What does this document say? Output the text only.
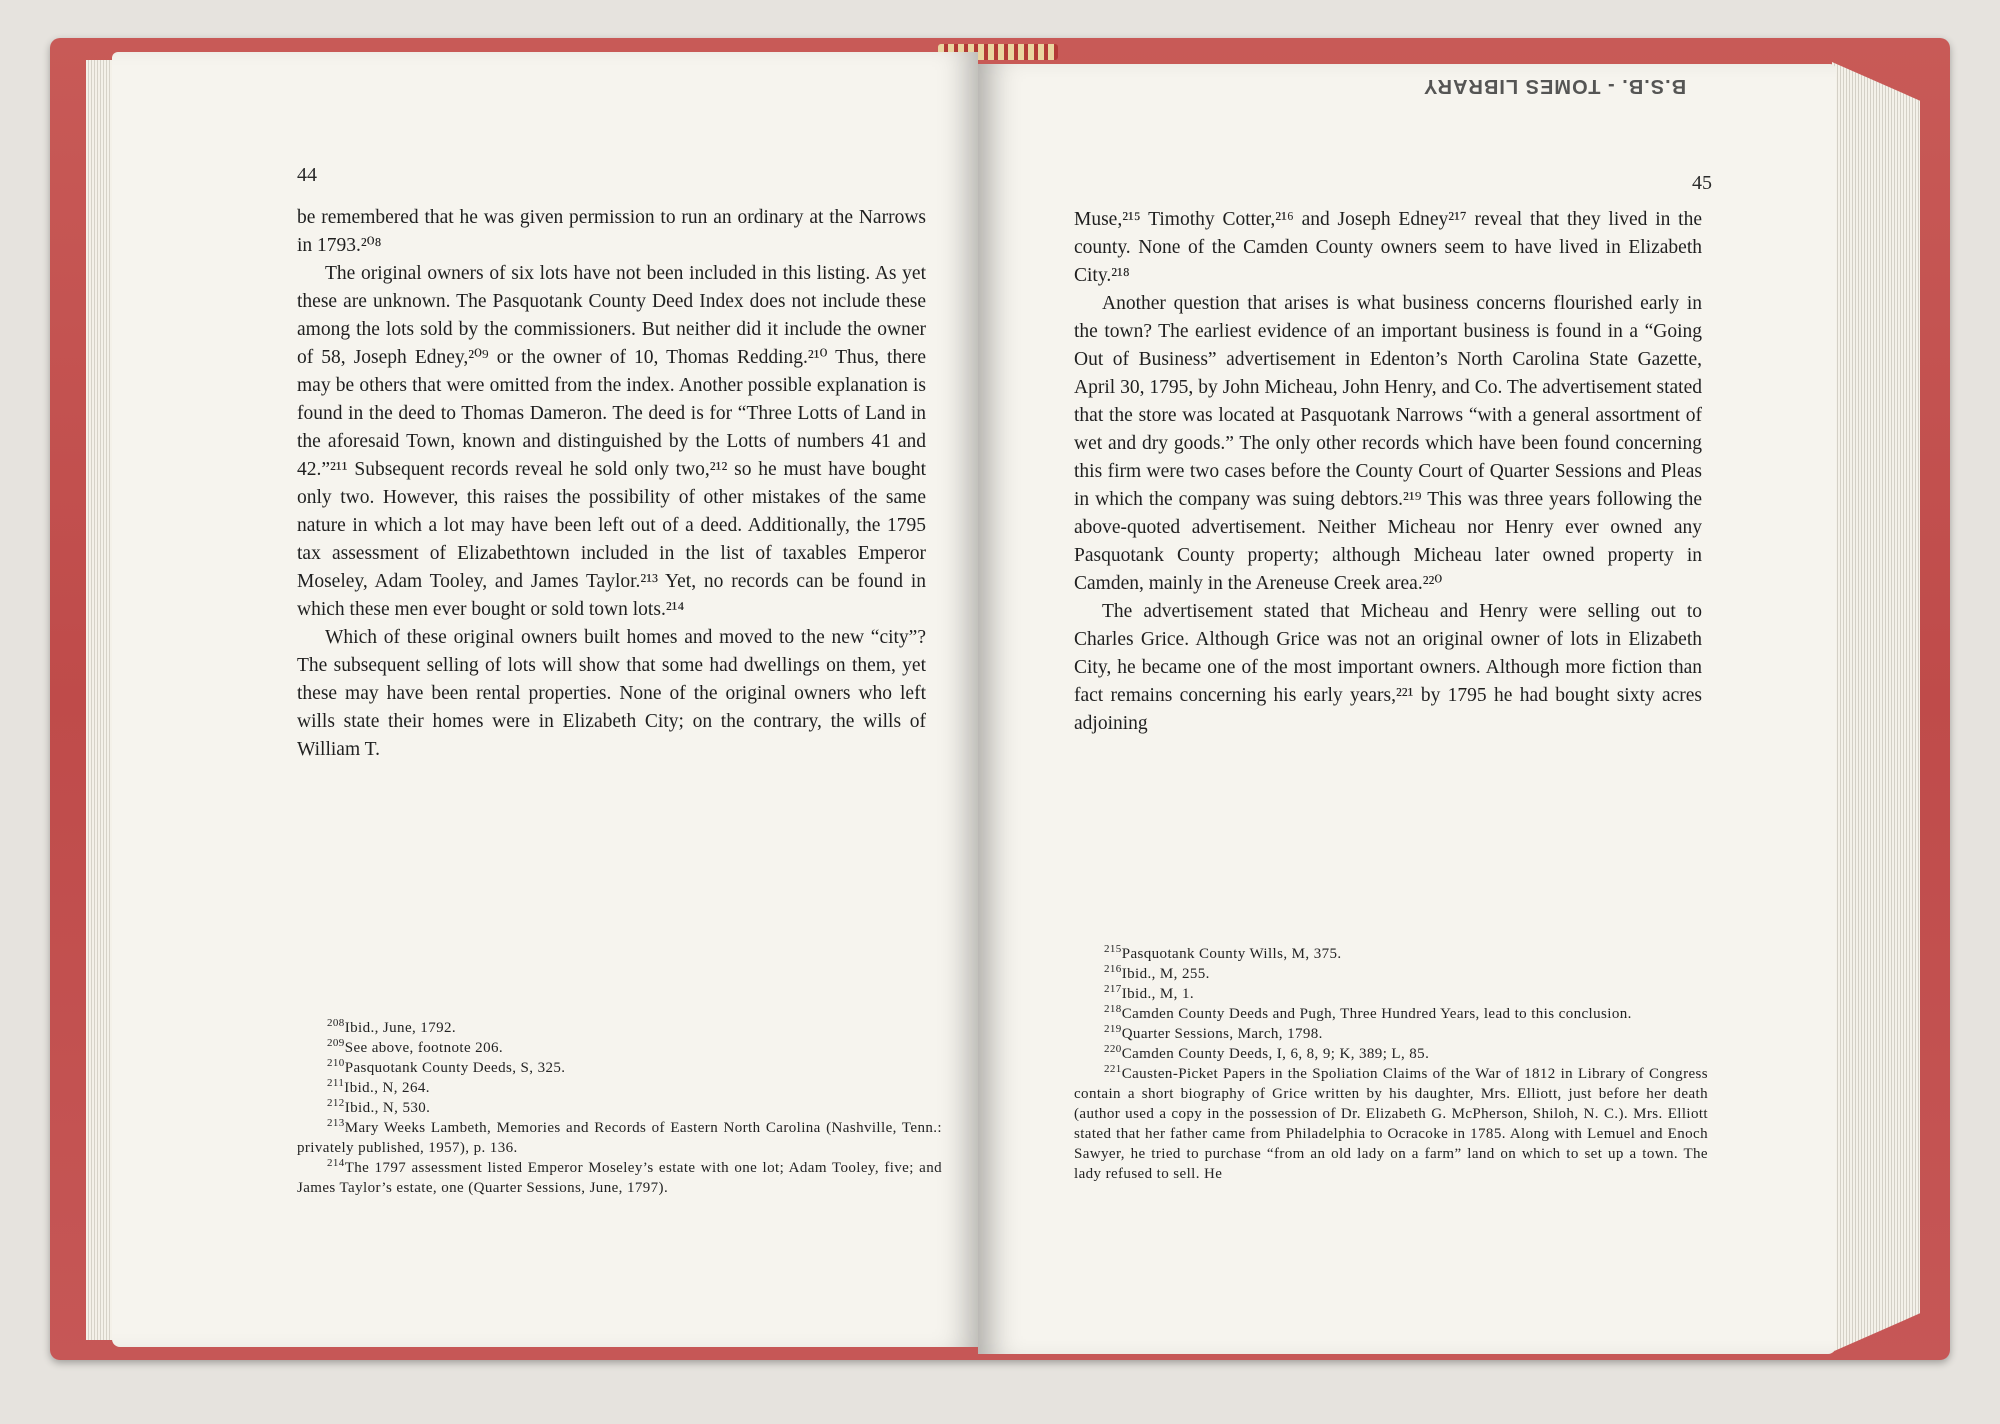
44

be remembered that he was given permission to run an ordinary at the Narrows in 1793.²⁰⁸

The original owners of six lots have not been included in this listing. As yet these are unknown. The Pasquotank County Deed Index does not include these among the lots sold by the commissioners. But neither did it include the owner of 58, Joseph Edney,²⁰⁹ or the owner of 10, Thomas Redding.²¹⁰ Thus, there may be others that were omitted from the index. Another possible explanation is found in the deed to Thomas Dameron. The deed is for “Three Lotts of Land in the aforesaid Town, known and distinguished by the Lotts of numbers 41 and 42.”²¹¹ Subsequent records reveal he sold only two,²¹² so he must have bought only two. However, this raises the possibility of other mistakes of the same nature in which a lot may have been left out of a deed. Additionally, the 1795 tax assessment of Elizabethtown included in the list of taxables Emperor Moseley, Adam Tooley, and James Taylor.²¹³ Yet, no records can be found in which these men ever bought or sold town lots.²¹⁴

Which of these original owners built homes and moved to the new “city”? The subsequent selling of lots will show that some had dwellings on them, yet these may have been rental properties. None of the original owners who left wills state their homes were in Elizabeth City; on the contrary, the wills of William T.

$^{208}$Ibid., June, 1792.

$^{209}$See above, footnote 206.

$^{210}$Pasquotank County Deeds, S, 325.

$^{211}$Ibid., N, 264.

$^{212}$Ibid., N, 530.

$^{213}$Mary Weeks Lambeth, Memories and Records of Eastern North Carolina (Nashville, Tenn.: privately published, 1957), p. 136.

$^{214}$The 1797 assessment listed Emperor Moseley’s estate with one lot; Adam Tooley, five; and James Taylor’s estate, one (Quarter Sessions, June, 1797).

B.S.B. - TOMES LIBRARY
45

Muse,²¹⁵ Timothy Cotter,²¹⁶ and Joseph Edney²¹⁷ reveal that they lived in the county. None of the Camden County owners seem to have lived in Elizabeth City.²¹⁸

Another question that arises is what business concerns flourished early in the town? The earliest evidence of an important business is found in a “Going Out of Business” advertisement in Edenton’s North Carolina State Gazette, April 30, 1795, by John Micheau, John Henry, and Co. The advertisement stated that the store was located at Pasquotank Narrows “with a general assortment of wet and dry goods.” The only other records which have been found concerning this firm were two cases before the County Court of Quarter Sessions and Pleas in which the company was suing debtors.²¹⁹ This was three years following the above-quoted advertisement. Neither Micheau nor Henry ever owned any Pasquotank County property; although Micheau later owned property in Camden, mainly in the Areneuse Creek area.²²⁰

The advertisement stated that Micheau and Henry were selling out to Charles Grice. Although Grice was not an original owner of lots in Elizabeth City, he became one of the most important owners. Although more fiction than fact remains concerning his early years,²²¹ by 1795 he had bought sixty acres adjoining

$^{215}$Pasquotank County Wills, M, 375.

$^{216}$Ibid., M, 255.

$^{217}$Ibid., M, 1.

$^{218}$Camden County Deeds and Pugh, Three Hundred Years, lead to this conclusion.

$^{219}$Quarter Sessions, March, 1798.

$^{220}$Camden County Deeds, I, 6, 8, 9; K, 389; L, 85.

$^{221}$Causten-Picket Papers in the Spoliation Claims of the War of 1812 in Library of Congress contain a short biography of Grice written by his daughter, Mrs. Elliott, just before her death (author used a copy in the possession of Dr. Elizabeth G. McPherson, Shiloh, N. C.). Mrs. Elliott stated that her father came from Philadelphia to Ocracoke in 1785. Along with Lemuel and Enoch Sawyer, he tried to purchase “from an old lady on a farm” land on which to set up a town. The lady refused to sell. He
